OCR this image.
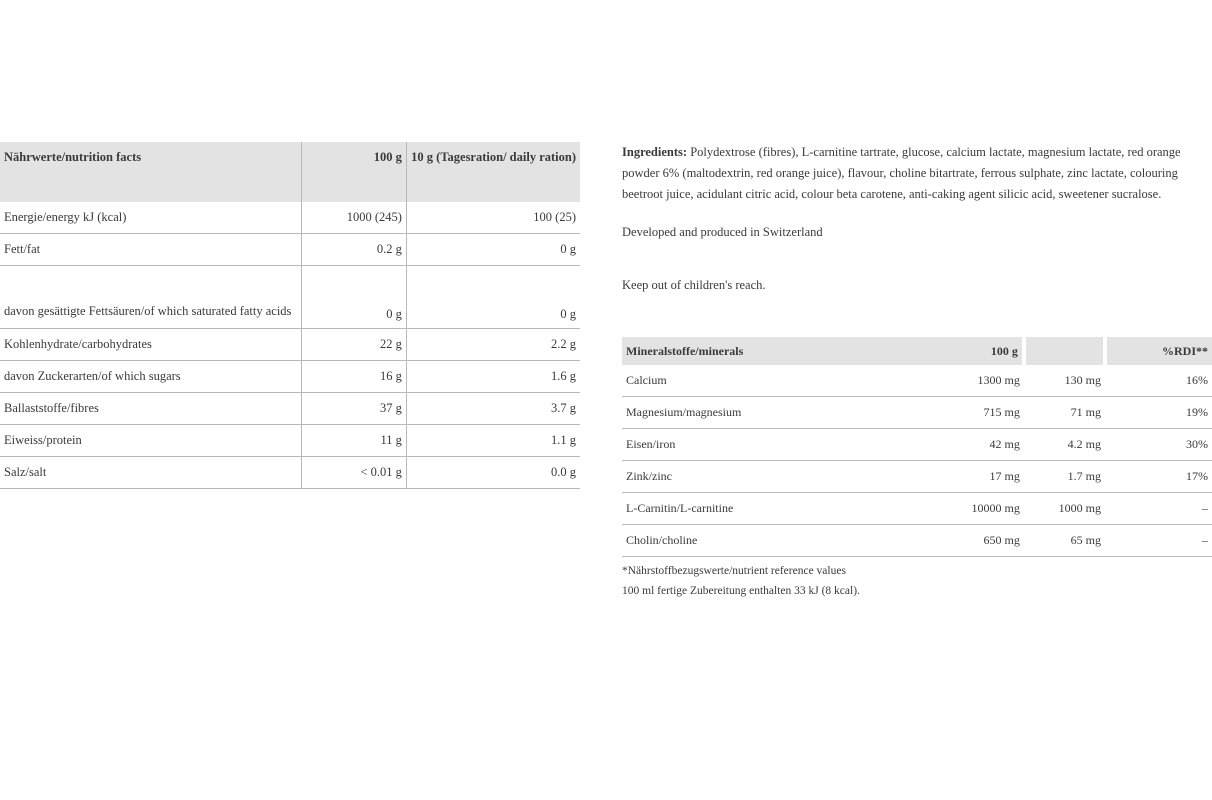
Nährwerte/nutrition facts	100 g	10 g (Tagesration/ daily ration)
Energie/energy kJ (kcal)	1000 (245)	100 (25)
Fett/fat	0.2 g	0 g
davon gesättigte Fettsäuren/of which saturated fatty acids	0 g	0 g
Kohlenhydrate/carbohydrates	22 g	2.2 g
davon Zuckerarten/of which sugars	16 g	1.6 g
Ballaststoffe/fibres	37 g	3.7 g
Eiweiss/protein	11 g	1.1 g
Salz/salt	< 0.01 g	0.0 g

Ingredients: Polydextrose (fibres), L-carnitine tartrate, glucose, calcium lactate, magnesium lactate, red orange powder 6% (maltodextrin, red orange juice), flavour, choline bitartrate, ferrous sulphate, zinc lactate, colouring beetroot juice, acidulant citric acid, colour beta carotene, anti-caking agent silicic acid, sweetener sucralose.

Developed and produced in Switzerland

Keep out of children's reach.

Mineralstoffe/minerals	100 g		%RDI**
Calcium	1300 mg	130 mg	16%
Magnesium/magnesium	715 mg	71 mg	19%
Eisen/iron	42 mg	4.2 mg	30%
Zink/zinc	17 mg	1.7 mg	17%
L-Carnitin/L-carnitine	10000 mg	1000 mg	–
Cholin/choline	650 mg	65 mg	–
*Nährstoffbezugswerte/nutrient reference values
100 ml fertige Zubereitung enthalten 33 kJ (8 kcal).
